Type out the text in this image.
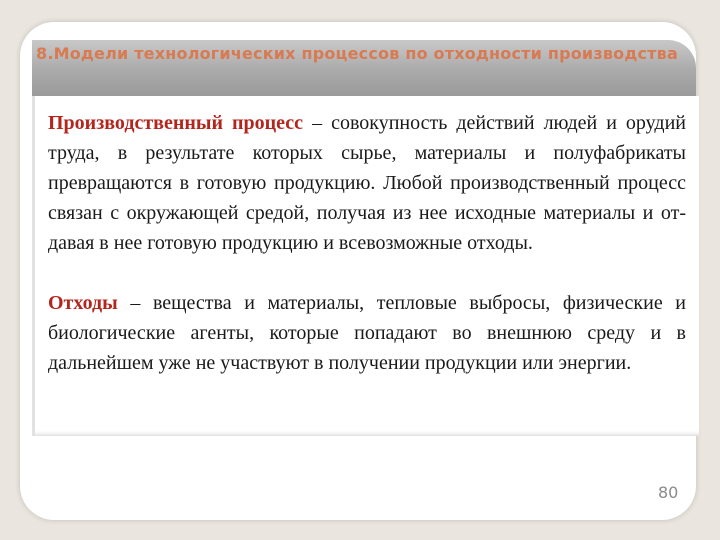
8.Модели технологических процессов по отходности производства

Производственный процесс – совокупность действий людей и орудий труда, в результате которых сырье, материалы и полуфабрикаты превращаются в готовую продукцию. Любой производственный процесс связан с окружающей средой, получая из нее исходные материалы и от-давая в нее готовую продукцию и всевозможные отходы.

Отходы – вещества и материалы, тепловые выбросы, физические и биологические агенты, которые попадают во внешнюю среду и в дальнейшем уже не участвуют в получении продукции или энергии.

80
